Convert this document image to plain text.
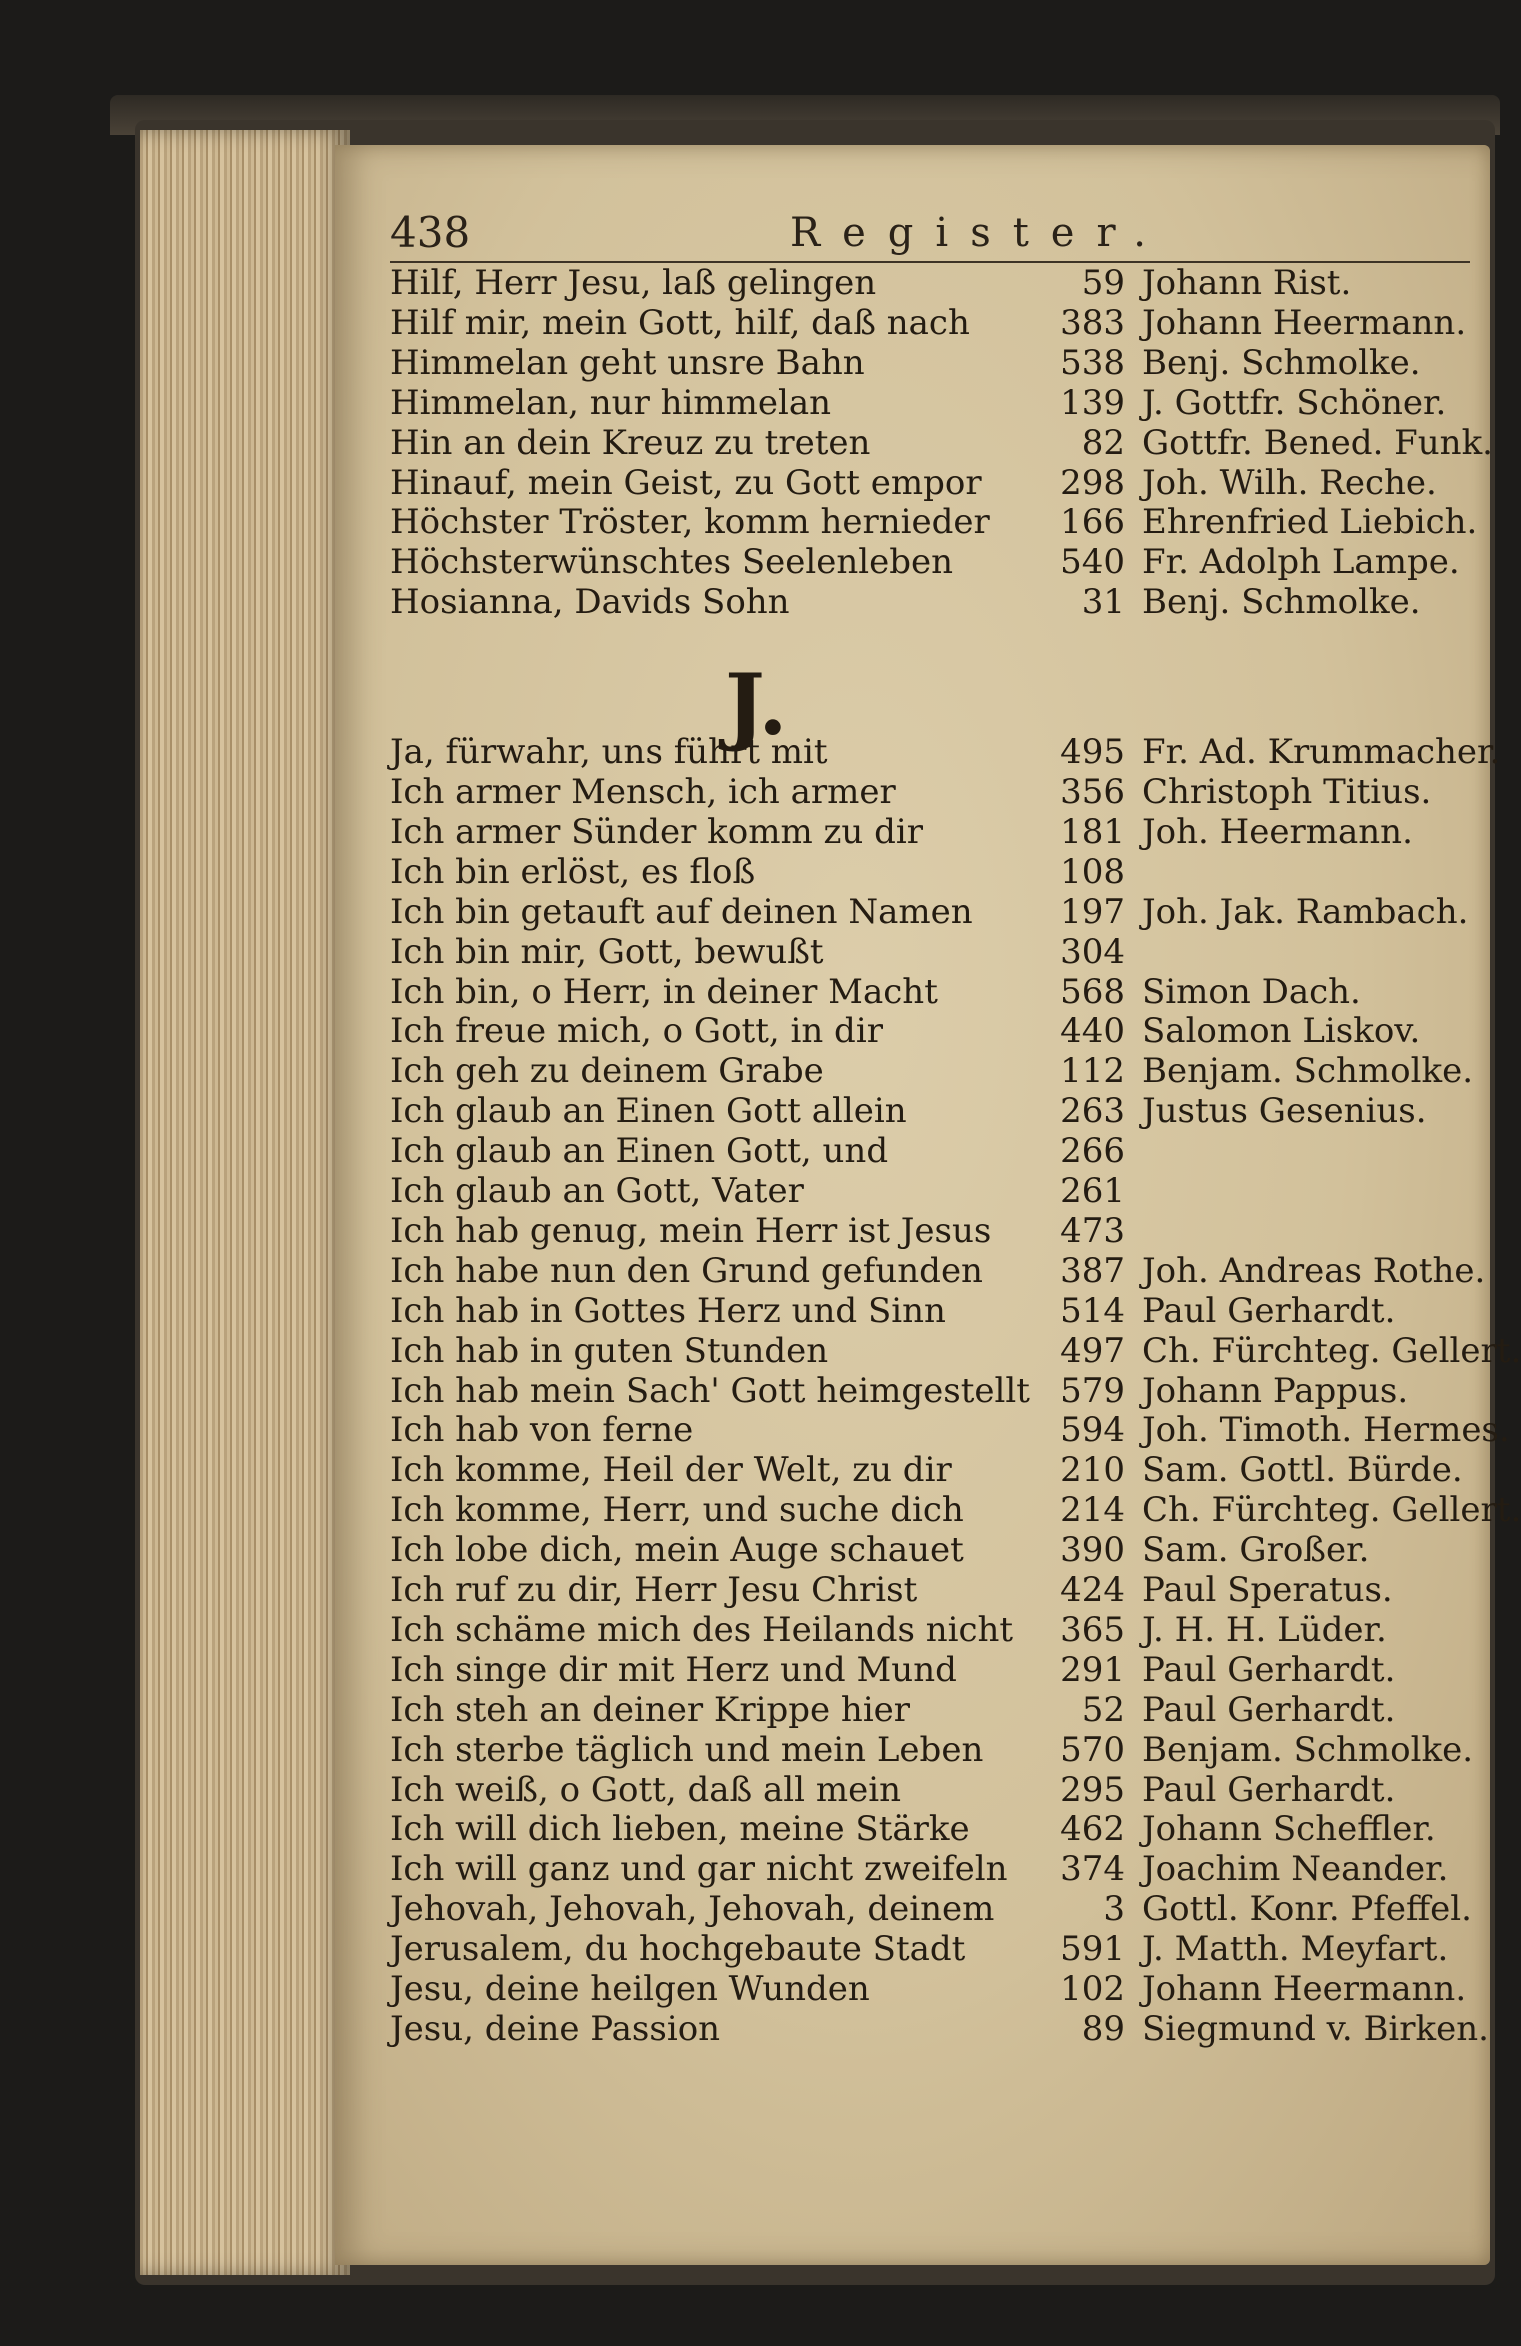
438	Register.
J.
Hilf, Herr Jesu, laß gelingen	59 Johann Rist.
Hilf mir, mein Gott, hilf, daß nach	383 Johann Heermann.
Himmelan geht unsre Bahn	538 Benj. Schmolke.
Himmelan, nur himmelan	139 J. Gottfr. Schöner.
Hin an dein Kreuz zu treten	82 Gottfr. Bened. Funk.
Hinauf, mein Geist, zu Gott empor	298 Joh. Wilh. Reche.
Höchster Tröster, komm hernieder	166 Ehrenfried Liebich.
Höchsterwünschtes Seelenleben	540 Fr. Adolph Lampe.
Hosianna, Davids Sohn	31 Benj. Schmolke.
Ja, fürwahr, uns führt mit	495 Fr. Ad. Krummacher.
Ich armer Mensch, ich armer	356 Christoph Titius.
Ich armer Sünder komm zu dir	181 Joh. Heermann.
Ich bin erlöst, es floß	108
Ich bin getauft auf deinen Namen	197 Joh. Jak. Rambach.
Ich bin mir, Gott, bewußt	304
Ich bin, o Herr, in deiner Macht	568 Simon Dach.
Ich freue mich, o Gott, in dir	440 Salomon Liskov.
Ich geh zu deinem Grabe	112 Benjam. Schmolke.
Ich glaub an Einen Gott allein	263 Justus Gesenius.
Ich glaub an Einen Gott, und	266
Ich glaub an Gott, Vater	261
Ich hab genug, mein Herr ist Jesus	473
Ich habe nun den Grund gefunden	387 Joh. Andreas Rothe.
Ich hab in Gottes Herz und Sinn	514 Paul Gerhardt.
Ich hab in guten Stunden	497 Ch. Fürchteg. Gellert.
Ich hab mein Sach' Gott heimgestellt 579 Johann Pappus.
Ich hab von ferne	594 Joh. Timoth. Hermes.
Ich komme, Heil der Welt, zu dir	210 Sam. Gottl. Bürde.
Ich komme, Herr, und suche dich	214 Ch. Fürchteg. Gellert.
Ich lobe dich, mein Auge schauet	390 Sam. Großer.
Ich ruf zu dir, Herr Jesu Christ	424 Paul Speratus.
Ich schäme mich des Heilands nicht	365 J. H. H. Lüder.
Ich singe dir mit Herz und Mund	291 Paul Gerhardt.
Ich steh an deiner Krippe hier	52 Paul Gerhardt.
Ich sterbe täglich und mein Leben	570 Benjam. Schmolke.
Ich weiß, o Gott, daß all mein	295 Paul Gerhardt.
Ich will dich lieben, meine Stärke	462 Johann Scheffler.
Ich will ganz und gar nicht zweifeln	374 Joachim Neander.
Jehovah, Jehovah, Jehovah, deinem	3 Gottl. Konr. Pfeffel.
Jerusalem, du hochgebaute Stadt	591 J. Matth. Meyfart.
Jesu, deine heilgen Wunden	102 Johann Heermann.
Jesu, deine Passion	89 Siegmund v. Birken.
